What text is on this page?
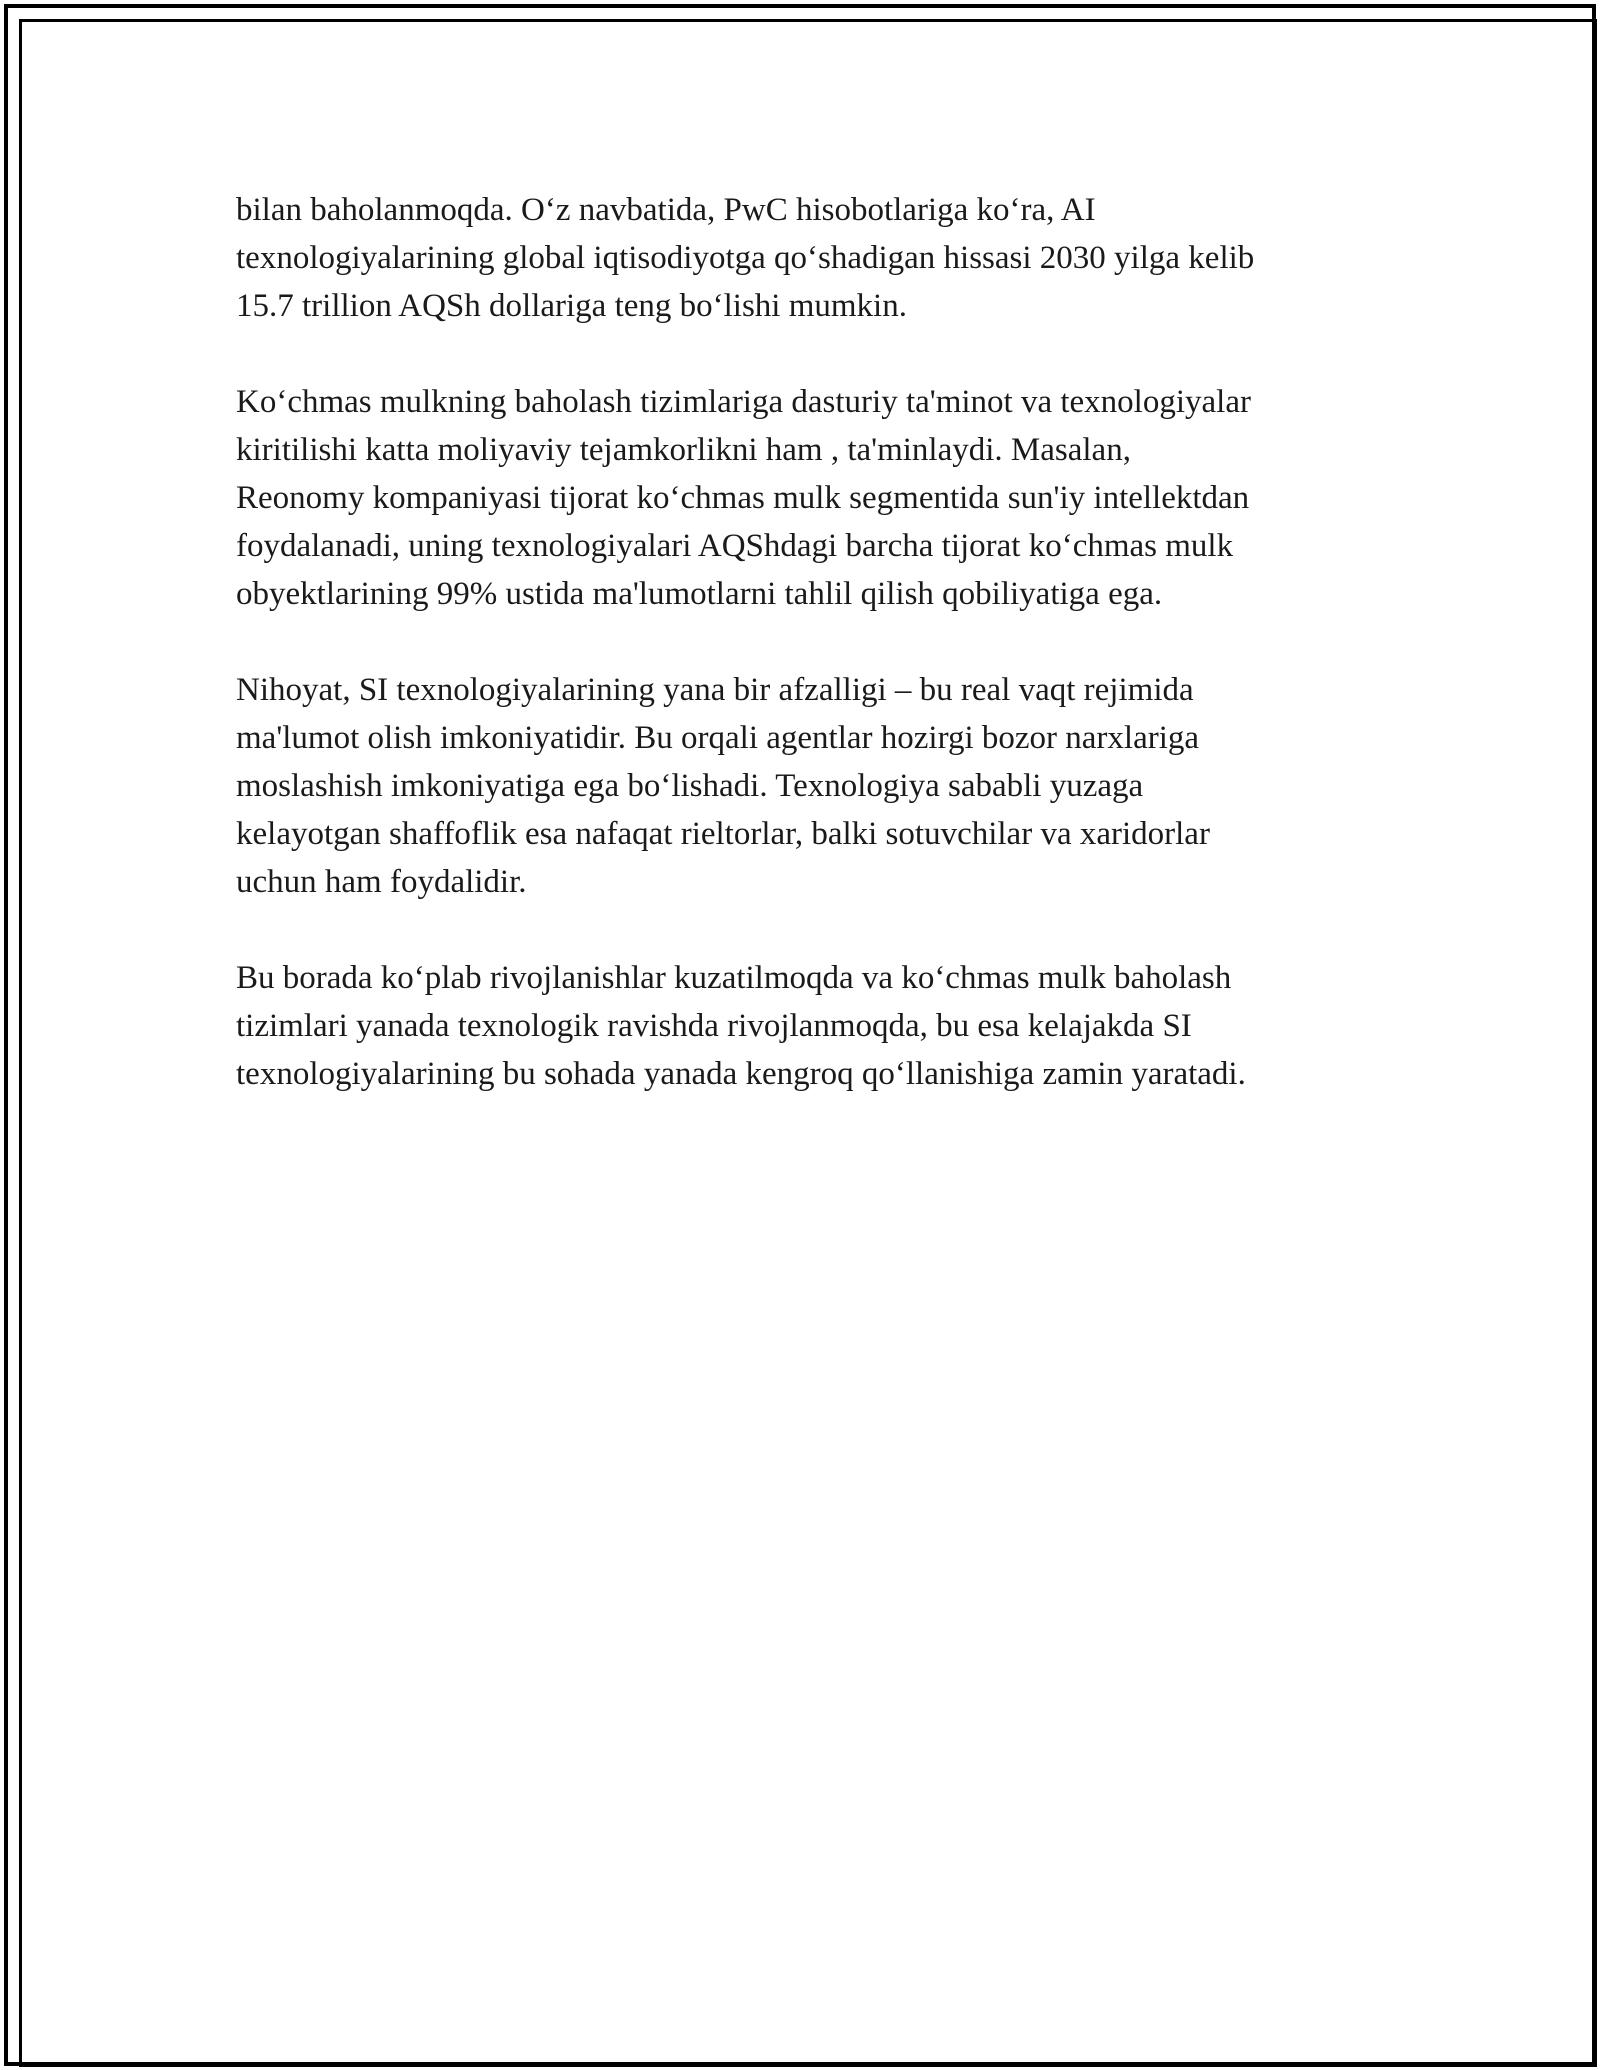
bilan baholanmoqda. O‘z navbatida, PwC hisobotlariga ko‘ra, AI
texnologiyalarining global iqtisodiyotga qo‘shadigan hissasi 2030 yilga kelib
15.7 trillion AQSh dollariga teng bo‘lishi mumkin.

Ko‘chmas mulkning baholash tizimlariga dasturiy ta'minot va texnologiyalar
kiritilishi katta moliyaviy tejamkorlikni ham , ta'minlaydi. Masalan,
Reonomy kompaniyasi tijorat ko‘chmas mulk segmentida sun'iy intellektdan
foydalanadi, uning texnologiyalari AQShdagi barcha tijorat ko‘chmas mulk
obyektlarining 99% ustida ma'lumotlarni tahlil qilish qobiliyatiga ega.

Nihoyat, SI texnologiyalarining yana bir afzalligi – bu real vaqt rejimida
ma'lumot olish imkoniyatidir. Bu orqali agentlar hozirgi bozor narxlariga
moslashish imkoniyatiga ega bo‘lishadi. Texnologiya sababli yuzaga
kelayotgan shaffoflik esa nafaqat rieltorlar, balki sotuvchilar va xaridorlar
uchun ham foydalidir.

Bu borada ko‘plab rivojlanishlar kuzatilmoqda va ko‘chmas mulk baholash
tizimlari yanada texnologik ravishda rivojlanmoqda, bu esa kelajakda SI
texnologiyalarining bu sohada yanada kengroq qo‘llanishiga zamin yaratadi.
